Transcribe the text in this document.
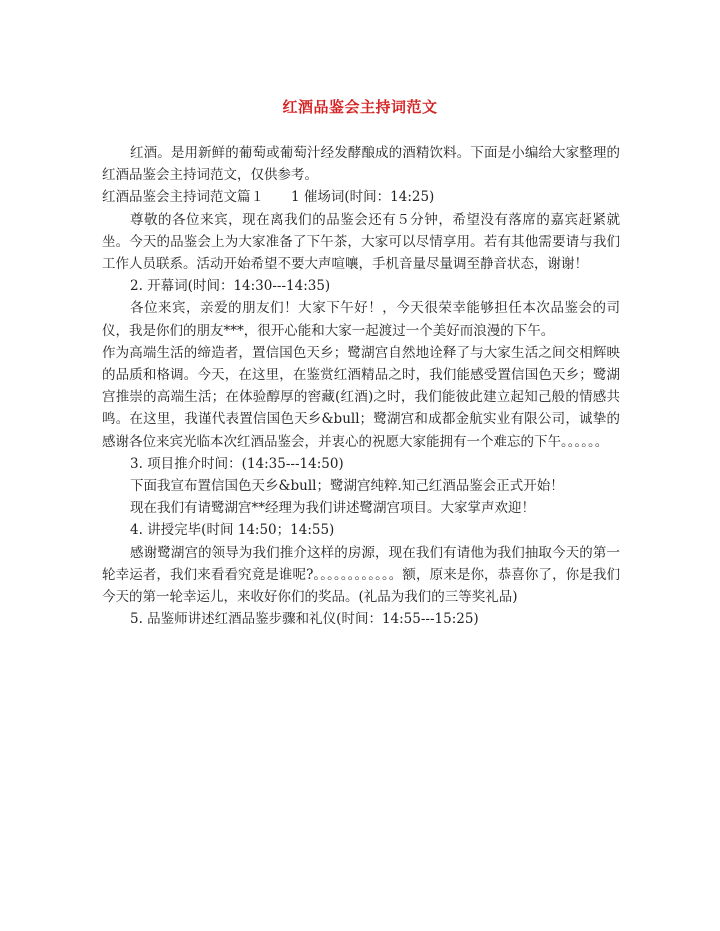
红酒品鉴会主持词范文

红酒。是用新鲜的葡萄或葡萄汁经发酵酿成的酒精饮料。下面是小编给大家整理的红酒品鉴会主持词范文，仅供参考。

红酒品鉴会主持词范文篇１　　1 催场词(时间：14:25)

尊敬的各位来宾，现在离我们的品鉴会还有５分钟，希望没有落席的嘉宾赶紧就坐。今天的品鉴会上为大家准备了下午茶，大家可以尽情享用。若有其他需要请与我们工作人员联系。活动开始希望不要大声喧嚷，手机音量尽量调至静音状态，谢谢！

2. 开幕词(时间：14:30---14:35)

各位来宾，亲爱的朋友们！大家下午好！，今天很荣幸能够担任本次品鉴会的司仪，我是你们的朋友***，很开心能和大家一起渡过一个美好而浪漫的下午。

作为高端生活的缔造者，置信国色天乡；鹭湖宫自然地诠释了与大家生活之间交相辉映的品质和格调。今天，在这里，在鉴赏红酒精品之时，我们能感受置信国色天乡；鹭湖宫推崇的高端生活；在体验醇厚的窖藏(红酒)之时，我们能彼此建立起知己般的情感共鸣。在这里，我谨代表置信国色天乡&bull；鹭湖宫和成都金航实业有限公司，诚挚的感谢各位来宾光临本次红酒品鉴会，并衷心的祝愿大家能拥有一个难忘的下午。。。。。。

3. 项目推介时间：(14:35---14:50)

下面我宣布置信国色天乡&bull；鹭湖宫纯粹.知己红酒品鉴会正式开始！

现在我们有请鹭湖宫**经理为我们讲述鹭湖宫项目。大家掌声欢迎！

4. 讲授完毕(时间 14:50；14:55)

感谢鹭湖宫的领导为我们推介这样的房源，现在我们有请他为我们抽取今天的第一轮幸运者，我们来看看究竟是谁呢?。。。。。。。。。。。。额，原来是你，恭喜你了，你是我们今天的第一轮幸运儿，来收好你们的奖品。(礼品为我们的三等奖礼品)

5. 品鉴师讲述红酒品鉴步骤和礼仪(时间：14:55---15:25)
